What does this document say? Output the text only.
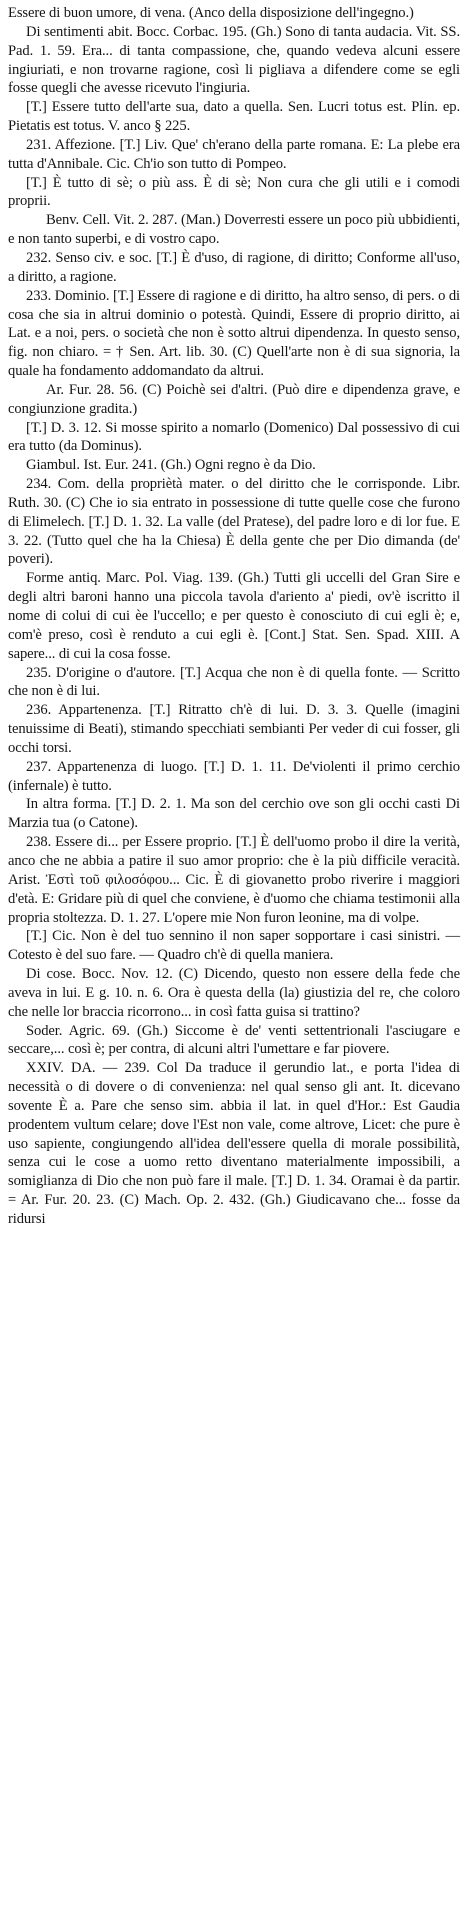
Essere di buon umore, di vena. (Anco della disposizione dell'ingegno.)

Di sentimenti abit. Bocc. Corbac. 195. (Gh.) Sono di tanta audacia. Vit. SS. Pad. 1. 59. Era... di tanta compassione, che, quando vedeva alcuni essere ingiuriati, e non trovarne ragione, così li pigliava a difendere come se egli fosse quegli che avesse ricevuto l'ingiuria.

[T.] Essere tutto dell'arte sua, dato a quella. Sen. Lucri totus est. Plin. ep. Pietatis est totus. V. anco § 225.

231. Affezione. [T.] Liv. Que' ch'erano della parte romana. E: La plebe era tutta d'Annibale. Cic. Ch'io son tutto di Pompeo.

[T.] È tutto di sè; o più ass. È di sè; Non cura che gli utili e i comodi proprii.

Benv. Cell. Vit. 2. 287. (Man.) Doverresti essere un poco più ubbidienti, e non tanto superbi, e di vostro capo.

232. Senso civ. e soc. [T.] È d'uso, di ragione, di diritto; Conforme all'uso, a diritto, a ragione.

233. Dominio. [T.] Essere di ragione e di diritto, ha altro senso, di pers. o di cosa che sia in altrui dominio o potestà. Quindi, Essere di proprio diritto, ai Lat. e a noi, pers. o società che non è sotto altrui dipendenza. In questo senso, fig. non chiaro. = † Sen. Art. lib. 30. (C) Quell'arte non è di sua signoria, la quale ha fondamento addomandato da altrui.

Ar. Fur. 28. 56. (C) Poichè sei d'altri. (Può dire e dipendenza grave, e congiunzione gradita.)

[T.] D. 3. 12. Si mosse spirito a nomarlo (Domenico) Dal possessivo di cui era tutto (da Dominus).

Giambul. Ist. Eur. 241. (Gh.) Ogni regno è da Dio.

234. Com. della propriètà mater. o del diritto che le corrisponde. Libr. Ruth. 30. (C) Che io sia entrato in possessione di tutte quelle cose che furono di Elimelech. [T.] D. 1. 32. La valle (del Pratese), del padre loro e di lor fue. E 3. 22. (Tutto quel che ha la Chiesa) È della gente che per Dio dimanda (de' poveri).

Forme antiq. Marc. Pol. Viag. 139. (Gh.) Tutti gli uccelli del Gran Sire e degli altri baroni hanno una piccola tavola d'ariento a' piedi, ov'è iscritto il nome di colui di cui èe l'uccello; e per questo è conosciuto di cui egli è; e, com'è preso, così è renduto a cui egli è. [Cont.] Stat. Sen. Spad. XIII. A sapere... di cui la cosa fosse.

235. D'origine o d'autore. [T.] Acqua che non è di quella fonte. — Scritto che non è di lui.

236. Appartenenza. [T.] Ritratto ch'è di lui. D. 3. 3. Quelle (imagini tenuissime di Beati), stimando specchiati sembianti Per veder di cui fosser, gli occhi torsi.

237. Appartenenza di luogo. [T.] D. 1. 11. De'violenti il primo cerchio (infernale) è tutto.

In altra forma. [T.] D. 2. 1. Ma son del cerchio ove son gli occhi casti Di Marzia tua (o Catone).

238. Essere di... per Essere proprio. [T.] È dell'uomo probo il dire la verità, anco che ne abbia a patire il suo amor proprio: che è la più difficile veracità. Arist. Ἐστὶ τοῦ φιλοσόφου... Cic. È di giovanetto probo riverire i maggiori d'età. E: Gridare più di quel che conviene, è d'uomo che chiama testimonii alla propria stoltezza. D. 1. 27. L'opere mie Non furon leonine, ma di volpe.

[T.] Cic. Non è del tuo sennino il non saper sopportare i casi sinistri. — Cotesto è del suo fare. — Quadro ch'è di quella maniera.

Di cose. Bocc. Nov. 12. (C) Dicendo, questo non essere della fede che aveva in lui. E g. 10. n. 6. Ora è questa della (la) giustizia del re, che coloro che nelle lor braccia ricorrono... in così fatta guisa si trattino?

Soder. Agric. 69. (Gh.) Siccome è de' venti settentrionali l'asciugare e seccare,... così è; per contra, di alcuni altri l'umettare e far piovere.

XXIV. DA. — 239. Col Da traduce il gerundio lat., e porta l'idea di necessità o di dovere o di convenienza: nel qual senso gli ant. It. dicevano sovente È a. Pare che senso sim. abbia il lat. in quel d'Hor.: Est Gaudia prodentem vultum celare; dove l'Est non vale, come altrove, Licet: che pure è uso sapiente, congiungendo all'idea dell'essere quella di morale possibilità, senza cui le cose a uomo retto diventano materialmente impossibili, a somiglianza di Dio che non può fare il male. [T.] D. 1. 34. Oramai è da partir. = Ar. Fur. 20. 23. (C) Mach. Op. 2. 432. (Gh.) Giudicavano che... fosse da ridursi
